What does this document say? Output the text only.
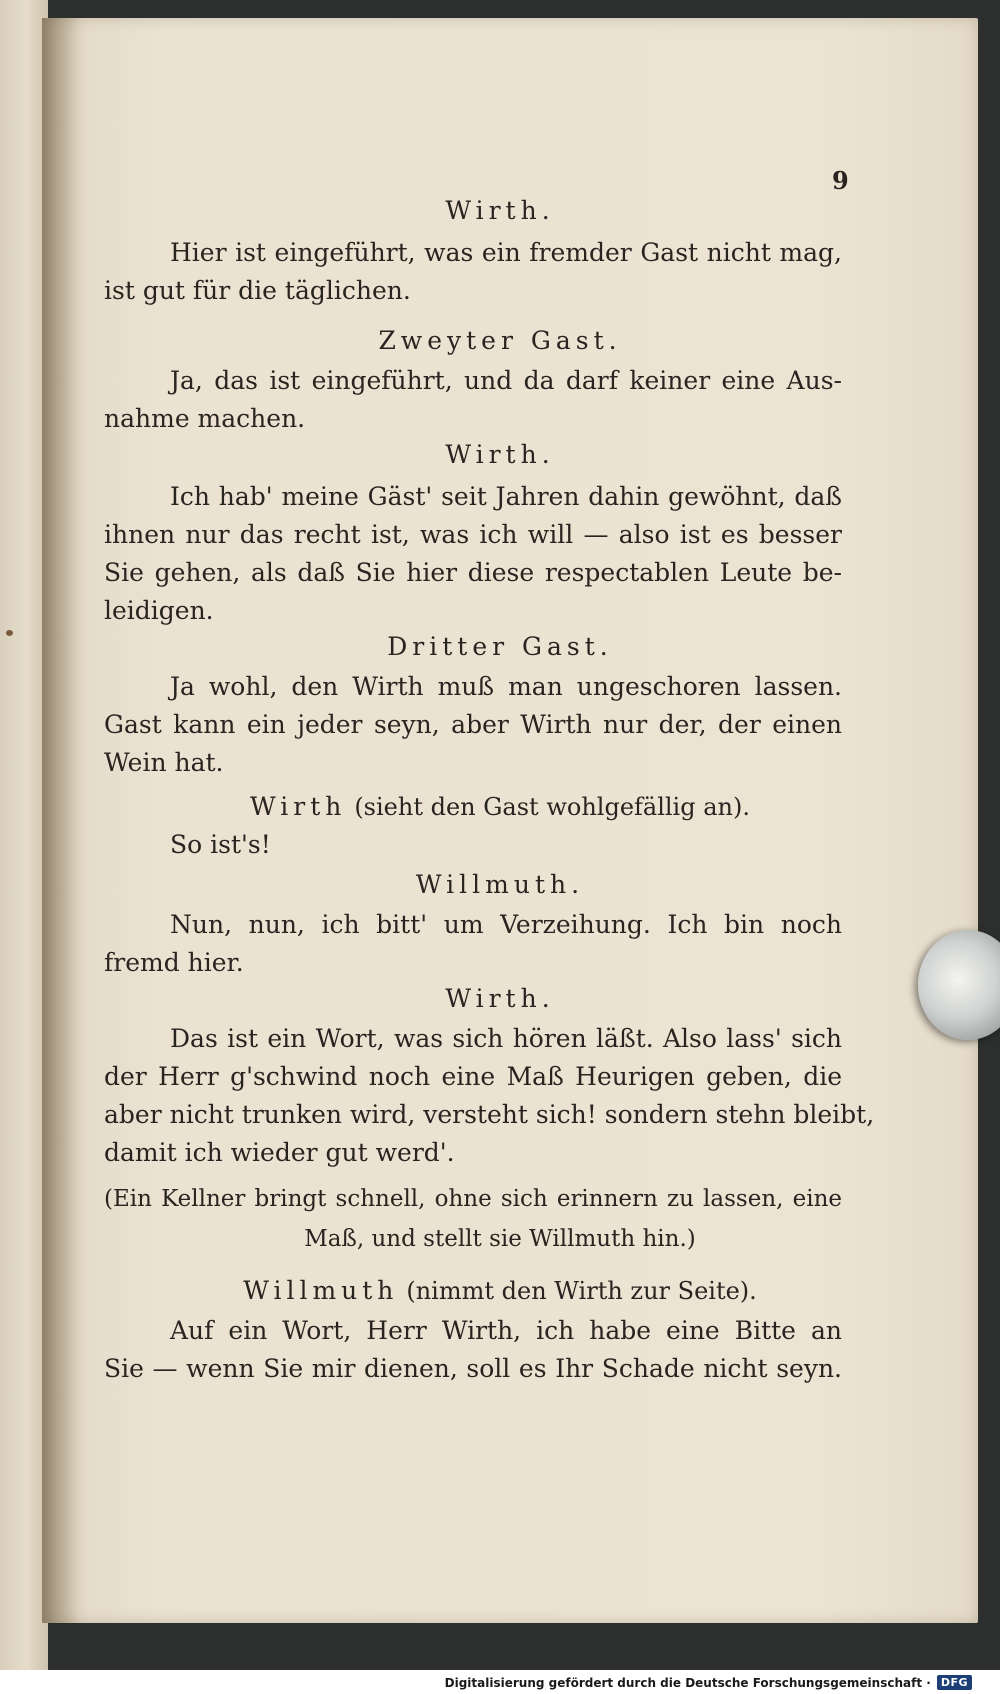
9
Wirth.
Hier ist eingeführt, was ein fremder Gast nicht mag,
ist gut für die täglichen.
Zweyter Gast.
Ja, das ist eingeführt, und da darf keiner eine Aus-
nahme machen.
Wirth.
Ich hab' meine Gäst' seit Jahren dahin gewöhnt, daß
ihnen nur das recht ist, was ich will — also ist es besser
Sie gehen, als daß Sie hier diese respectablen Leute be-
leidigen.
Dritter Gast.
Ja wohl, den Wirth muß man ungeschoren lassen.
Gast kann ein jeder seyn, aber Wirth nur der, der einen
Wein hat.
Wirth (sieht den Gast wohlgefällig an).
So ist's!
Willmuth.
Nun, nun, ich bitt' um Verzeihung. Ich bin noch
fremd hier.
Wirth.
Das ist ein Wort, was sich hören läßt. Also lass' sich
der Herr g'schwind noch eine Maß Heurigen geben, die
aber nicht trunken wird, versteht sich! sondern stehn bleibt,
damit ich wieder gut werd'.
(Ein Kellner bringt schnell, ohne sich erinnern zu lassen, eine
Maß, und stellt sie Willmuth hin.)
Willmuth (nimmt den Wirth zur Seite).
Auf ein Wort, Herr Wirth, ich habe eine Bitte an
Sie — wenn Sie mir dienen, soll es Ihr Schade nicht seyn.
Digitalisierung gefördert durch die Deutsche Forschungsgemeinschaft · DFG
